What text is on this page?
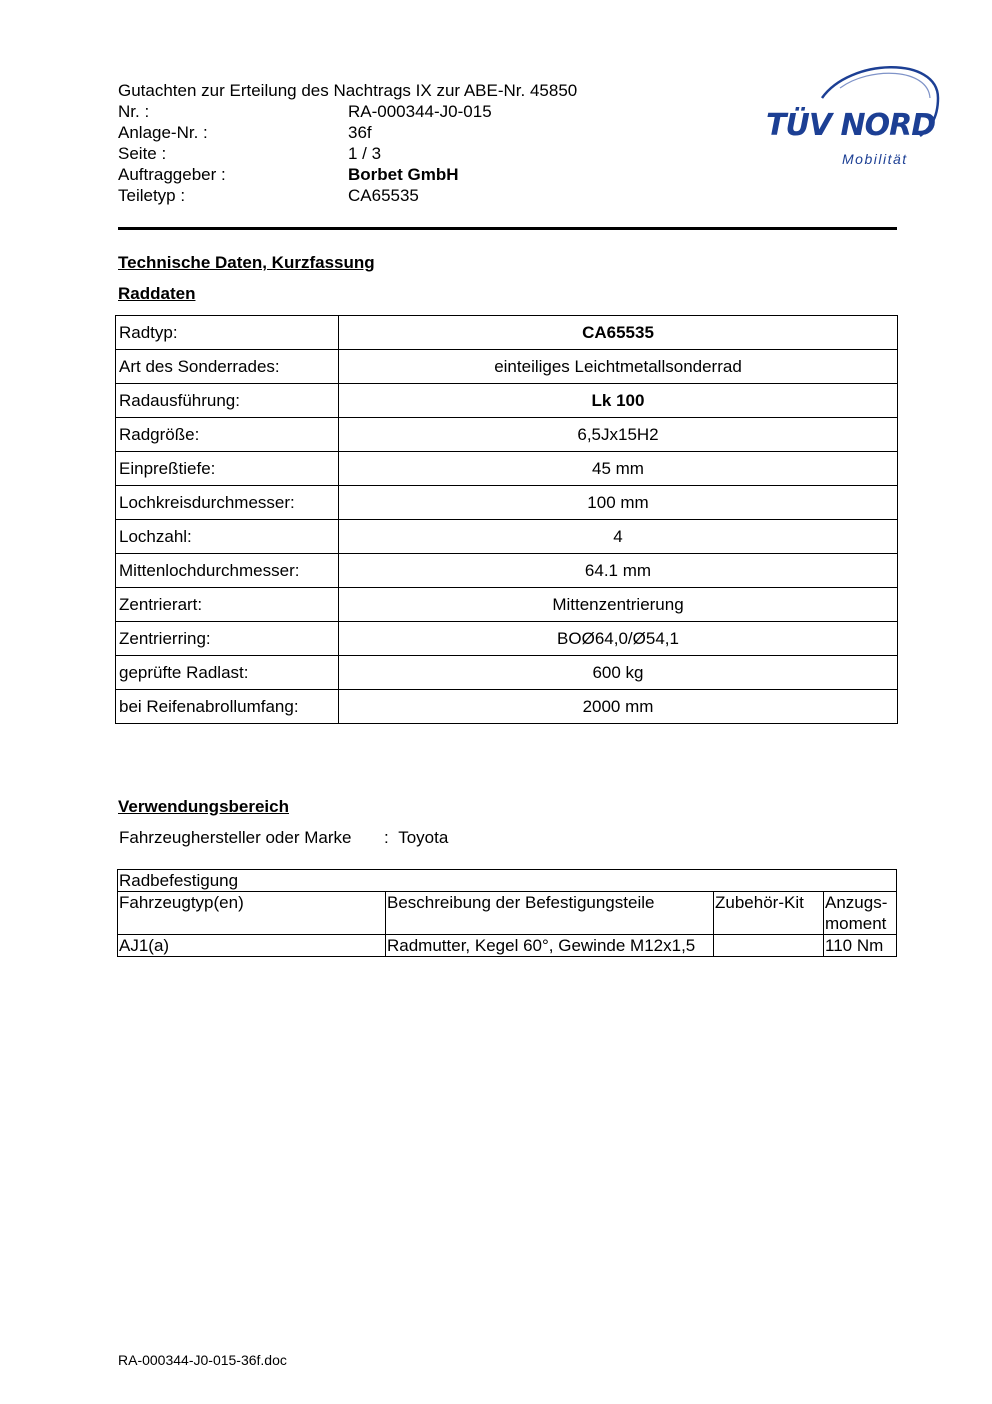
Gutachten zur Erteilung des Nachtrags IX zur ABE-Nr. 45850
Nr. :	RA-000344-J0-015
Anlage-Nr. :	36f
Seite :	1 / 3
Auftraggeber :	Borbet GmbH
Teiletyp :	CA65535
TÜV NORD
Mobilität
Technische Daten, Kurzfassung
Raddaten
Radtyp:	CA65535
Art des Sonderrades:	einteiliges Leichtmetallsonderrad
Radausführung:	Lk 100
Radgröße:	6,5Jx15H2
Einpreßtiefe:	45 mm
Lochkreisdurchmesser:	100 mm
Lochzahl:	4
Mittenlochdurchmesser:	64.1 mm
Zentrierart:	Mittenzentrierung
Zentrierring:	BOØ64,0/Ø54,1
geprüfte Radlast:	600 kg
bei Reifenabrollumfang:	2000 mm
Verwendungsbereich
Fahrzeughersteller oder Marke : Toyota
Radbefestigung			
Fahrzeugtyp(en)	Beschreibung der Befestigungsteile	Zubehör-Kit	Anzugs-
moment
AJ1(a)	Radmutter, Kegel 60°, Gewinde M12x1,5		110 Nm
RA-000344-J0-015-36f.doc
